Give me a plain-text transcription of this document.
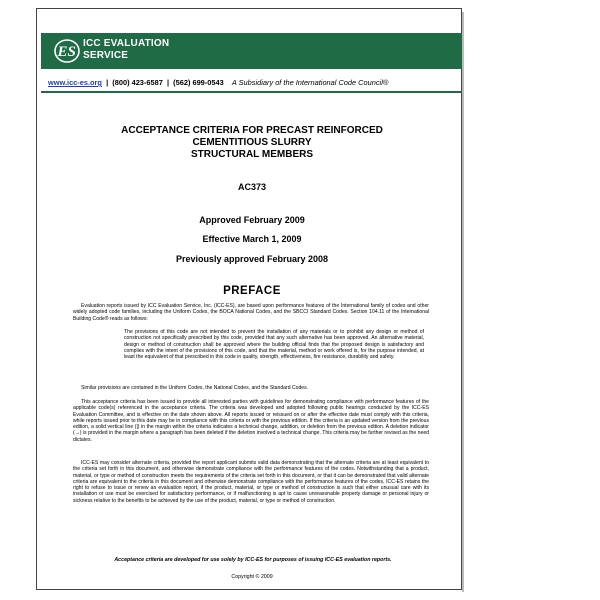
ES
ICC EVALUATION
SERVICE
www.icc-es.org | (800) 423-6587 | (562) 699-0543 A Subsidiary of the International Code Council®
ACCEPTANCE CRITERIA FOR PRECAST REINFORCED
CEMENTITIOUS SLURRY
STRUCTURAL MEMBERS
AC373
Approved February 2009
Effective March 1, 2009
Previously approved February 2008
PREFACE
Evaluation reports issued by ICC Evaluation Service, Inc. (ICC-ES), are based upon performance features of the International family of codes and other widely adopted code families, including the Uniform Codes, the BOCA National Codes, and the SBCCI Standard Codes. Section 104.11 of the International Building Code® reads as follows:
The provisions of this code are not intended to prevent the installation of any materials or to prohibit any design or method of construction not specifically prescribed by this code, provided that any such alternative has been approved. An alternative material, design or method of construction shall be approved where the building official finds that the proposed design is satisfactory and complies with the intent of the provisions of this code, and that the material, method or work offered is, for the purpose intended, at least the equivalent of that prescribed in this code in quality, strength, effectiveness, fire resistance, durability and safety.
Similar provisions are contained in the Uniform Codes, the National Codes, and the Standard Codes.
This acceptance criteria has been issued to provide all interested parties with guidelines for demonstrating compliance with performance features of the applicable code(s) referenced in the acceptance criteria. The criteria was developed and adopted following public hearings conducted by the ICC-ES Evaluation Committee, and is effective on the date shown above. All reports issued or reissued on or after the effective date must comply with this criteria, while reports issued prior to this date may be in compliance with this criteria or with the previous edition. If the criteria is an updated version from the previous edition, a solid vertical line (|) in the margin within the criteria indicates a technical change, addition, or deletion from the previous edition. A deletion indicator (→) is provided in the margin where a paragraph has been deleted if the deletion involved a technical change. This criteria may be further revised as the need dictates.
ICC-ES may consider alternate criteria, provided the report applicant submits valid data demonstrating that the alternate criteria are at least equivalent to the criteria set forth in this document, and otherwise demonstrate compliance with the performance features of the codes. Notwithstanding that a product, material, or type or method of construction meets the requirements of the criteria set forth in this document, or that it can be demonstrated that valid alternate criteria are equivalent to the criteria in this document and otherwise demonstrate compliance with the performance features of the codes, ICC-ES retains the right to refuse to issue or renew an evaluation report, if the product, material, or type or method of construction is such that either unusual care with its installation or use must be exercised for satisfactory performance, or if malfunctioning is apt to cause unreasonable property damage or personal injury or sickness relative to the benefits to be achieved by the use of the product, material, or type or method of construction.
Acceptance criteria are developed for use solely by ICC-ES for purposes of issuing ICC-ES evaluation reports.
Copyright © 2009
